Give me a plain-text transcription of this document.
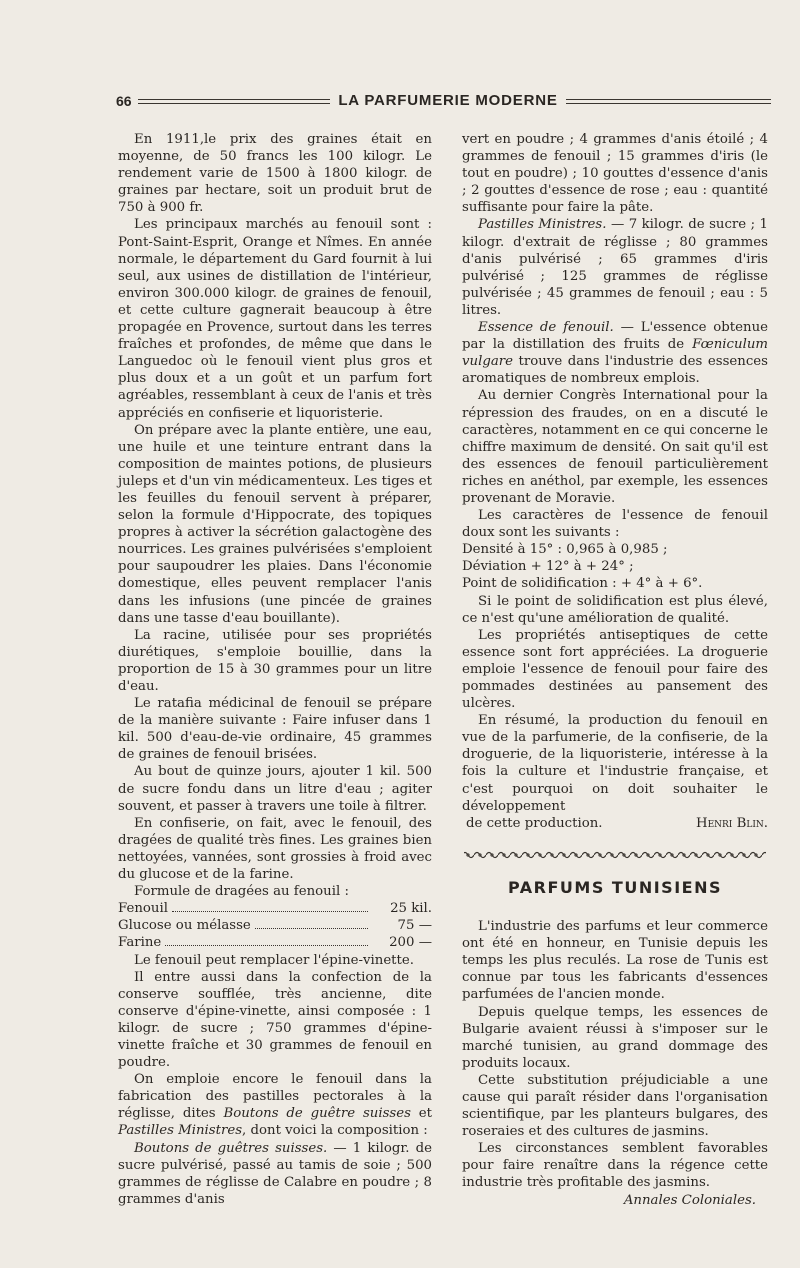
66	LA PARFUMERIE MODERNE

En 1911,le prix des graines était en moyenne, de 50 francs les 100 kilogr. Le rendement varie de 1500 à 1800 kilogr. de graines par hectare, soit un produit brut de 750 à 900 fr.

Les principaux marchés au fenouil sont : Pont-Saint-Esprit, Orange et Nîmes. En année normale, le département du Gard fournit à lui seul, aux usines de distillation de l'intérieur, environ 300.000 kilogr. de graines de fenouil, et cette culture gagnerait beaucoup à être propagée en Provence, surtout dans les terres fraîches et profondes, de même que dans le Languedoc où le fenouil vient plus gros et plus doux et a un goût et un parfum fort agréables, ressemblant à ceux de l'anis et très appréciés en confiserie et liquoristerie.

On prépare avec la plante entière, une eau, une huile et une teinture entrant dans la composition de maintes potions, de plusieurs juleps et d'un vin médicamenteux. Les tiges et les feuilles du fenouil servent à préparer, selon la formule d'Hippocrate, des topiques propres à activer la sécrétion galactogène des nourrices. Les graines pulvérisées s'emploient pour saupoudrer les plaies. Dans l'économie domestique, elles peuvent remplacer l'anis dans les infusions (une pincée de graines dans une tasse d'eau bouillante).

La racine, utilisée pour ses propriétés diurétiques, s'emploie bouillie, dans la proportion de 15 à 30 grammes pour un litre d'eau.

Le ratafia médicinal de fenouil se prépare de la manière suivante : Faire infuser dans 1 kil. 500 d'eau-de-vie ordinaire, 45 grammes de graines de fenouil brisées.

Au bout de quinze jours, ajouter 1 kil. 500 de sucre fondu dans un litre d'eau ; agiter souvent, et passer à travers une toile à filtrer.

En confiserie, on fait, avec le fenouil, des dragées de qualité très fines. Les graines bien nettoyées, vannées, sont grossies à froid avec du glucose et de la farine.

Formule de dragées au fenouil :

Fenouil	25 kil.
Glucose ou mélasse	75 —
Farine	200 —

Le fenouil peut remplacer l'épine-vinette.

Il entre aussi dans la confection de la conserve soufflée, très ancienne, dite conserve d'épine-vinette, ainsi composée : 1 kilogr. de sucre ; 750 grammes d'épine-vinette fraîche et 30 grammes de fenouil en poudre.

On emploie encore le fenouil dans la fabrication des pastilles pectorales à la réglisse, dites Boutons de guêtre suisses et Pastilles Ministres, dont voici la composition :

Boutons de guêtres suisses. — 1 kilogr. de sucre pulvérisé, passé au tamis de soie ; 500 grammes de réglisse de Calabre en poudre ; 8 grammes d'anis

vert en poudre ; 4 grammes d'anis étoilé ; 4 grammes de fenouil ; 15 grammes d'iris (le tout en poudre) ; 10 gouttes d'essence d'anis ; 2 gouttes d'essence de rose ; eau : quantité suffisante pour faire la pâte.

Pastilles Ministres. — 7 kilogr. de sucre ; 1 kilogr. d'extrait de réglisse ; 80 grammes d'anis pulvérisé ; 65 grammes d'iris pulvérisé ; 125 grammes de réglisse pulvérisée ; 45 grammes de fenouil ; eau : 5 litres.

Essence de fenouil. — L'essence obtenue par la distillation des fruits de Fœniculum vulgare trouve dans l'industrie des essences aromatiques de nombreux emplois.

Au dernier Congrès International pour la répression des fraudes, on en a discuté le caractères, notamment en ce qui concerne le chiffre maximum de densité. On sait qu'il est des essences de fenouil particulièrement riches en anéthol, par exemple, les essences provenant de Moravie.

Les caractères de l'essence de fenouil doux sont les suivants :

Densité à 15° : 0,965 à 0,985 ;

Déviation + 12° à + 24° ;

Point de solidification : + 4° à + 6°.

Si le point de solidification est plus élevé, ce n'est qu'une amélioration de qualité.

Les propriétés antiseptiques de cette essence sont fort appréciées. La droguerie emploie l'essence de fenouil pour faire des pommades destinées au pansement des ulcères.

En résumé, la production du fenouil en vue de la parfumerie, de la confiserie, de la droguerie, de la liquoristerie, intéresse à la fois la culture et l'industrie française, et c'est pourquoi on doit souhaiter le développement

de cette production.	Henri Blin.
PARFUMS TUNISIENS

L'industrie des parfums et leur commerce ont été en honneur, en Tunisie depuis les temps les plus reculés. La rose de Tunis est connue par tous les fabricants d'essences parfumées de l'ancien monde.

Depuis quelque temps, les essences de Bulgarie avaient réussi à s'imposer sur le marché tunisien, au grand dommage des produits locaux.

Cette substitution préjudiciable a une cause qui paraît résider dans l'organisation scientifique, par les planteurs bulgares, des roseraies et des cultures de jasmins.

Les circonstances semblent favorables pour faire renaître dans la régence cette industrie très profitable des jasmins.

Annales Coloniales.
